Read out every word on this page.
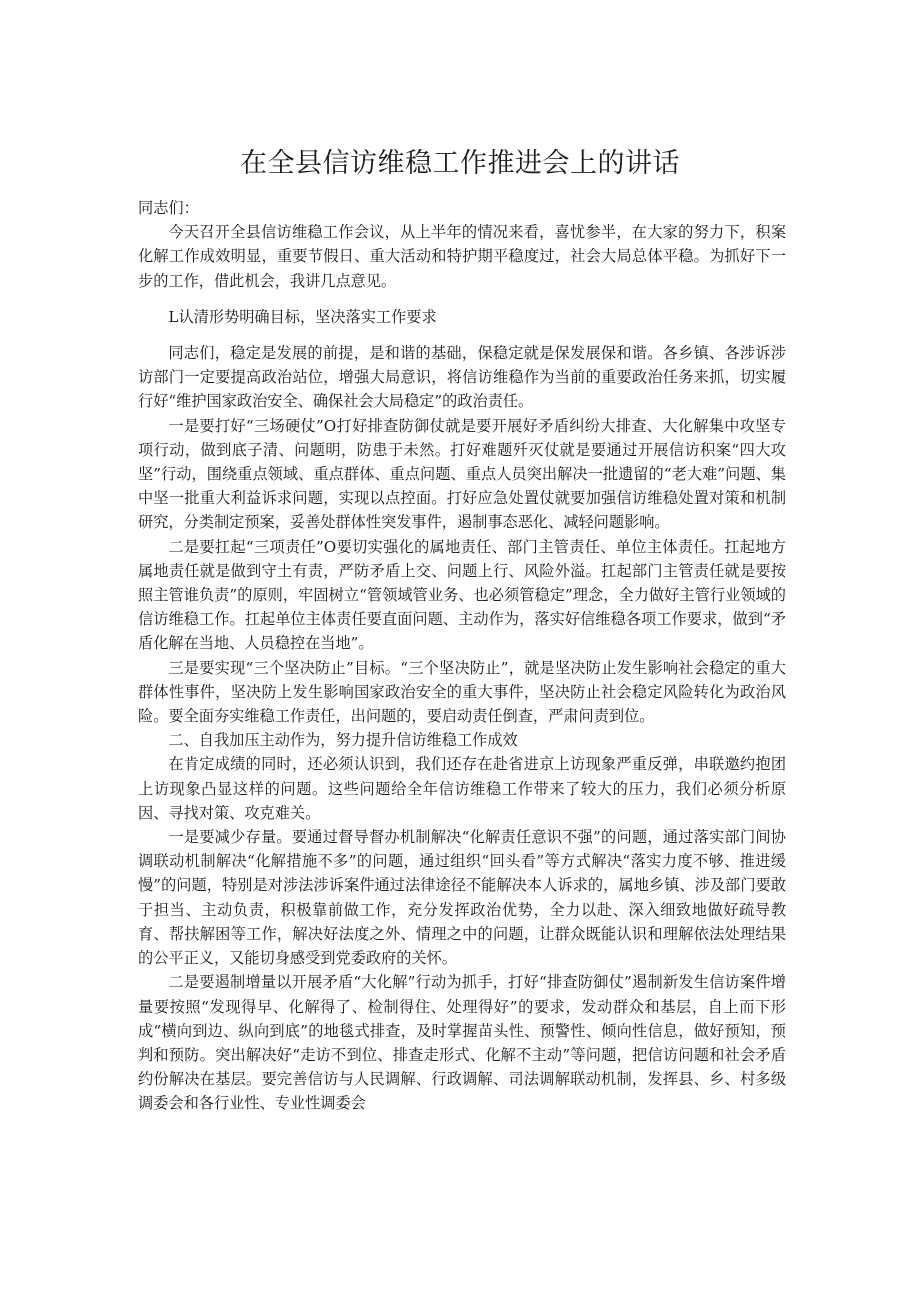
在全县信访维稳工作推进会上的讲话

同志们：

今天召开全县信访维稳工作会议，从上半年的情况来看，喜忧参半，在大家的努力下，积案化解工作成效明显，重要节假日、重大活动和特护期平稳度过，社会大局总体平稳。为抓好下一步的工作，借此机会，我讲几点意见。

L认清形势明确目标，坚决落实工作要求

同志们，稳定是发展的前提，是和谐的基础，保稳定就是保发展保和谐。各乡镇、各涉诉涉访部门一定要提高政治站位，增强大局意识，将信访维稳作为当前的重要政治任务来抓，切实履行好“维护国家政治安全、确保社会大局稳定”的政治责任。

一是要打好“三场硬仗”O打好排查防御仗就是要开展好矛盾纠纷大排查、大化解集中攻坚专项行动，做到底子清、问题明，防患于未然。打好难题歼灭仗就是要通过开展信访积案“四大攻坚”行动，围绕重点领域、重点群体、重点问题、重点人员突出解决一批遗留的“老大难”问题、集中坚一批重大利益诉求问题，实现以点控面。打好应急处置仗就要加强信访维稳处置对策和机制研究，分类制定预案，妥善处群体性突发事件，遏制事态恶化、减轻问题影响。

二是要扛起“三项责任”O要切实强化的属地责任、部门主管责任、单位主体责任。扛起地方属地责任就是做到守土有责，严防矛盾上交、问题上行、风险外溢。扛起部门主管责任就是要按照主管谁负责”的原则，牢固树立“管领域管业务、也必须管稳定”理念，全力做好主管行业领域的信访维稳工作。扛起单位主体责任要直面问题、主动作为，落实好信维稳各项工作要求，做到“矛盾化解在当地、人员稳控在当地”。

三是要实现“三个坚决防止”目标。“三个坚决防止”，就是坚决防止发生影响社会稳定的重大群体性事件，坚决防上发生影响国家政治安全的重大事件，坚决防止社会稳定风险转化为政治风险。要全面夯实维稳工作责任，出问题的，要启动责任倒查，严肃问责到位。

二、自我加压主动作为，努力提升信访维稳工作成效

在肯定成绩的同时，还必须认识到，我们还存在赴省进京上访现象严重反弹，串联邀约抱团上访现象凸显这样的问题。这些问题给全年信访维稳工作带来了较大的压力，我们必须分析原因、寻找对策、攻克难关。

一是要减少存量。要通过督导督办机制解决“化解责任意识不强”的问题，通过落实部门间协调联动机制解决“化解措施不多”的问题，通过组织“回头看”等方式解决“落实力度不够、推进缓慢”的问题，特别是对涉法涉诉案件通过法律途径不能解决本人诉求的，属地乡镇、涉及部门要敢于担当、主动负责，积极靠前做工作，充分发挥政治优势，全力以赴、深入细致地做好疏导教育、帮扶解困等工作，解决好法度之外、情理之中的问题，让群众既能认识和理解依法处理结果的公平正义，又能切身感受到党委政府的关怀。

二是要遏制增量以开展矛盾“大化解”行动为抓手，打好“排查防御仗”遏制新发生信访案件增量要按照“发现得早、化解得了、检制得住、处理得好”的要求，发动群众和基层，自上而下形成“横向到边、纵向到底”的地毯式排查，及时掌握苗头性、预警性、倾向性信息，做好预知，预判和预防。突出解决好“走访不到位、排查走形式、化解不主动”等问题，把信访问题和社会矛盾约份解决在基层。要完善信访与人民调解、行政调解、司法调解联动机制，发挥县、乡、村多级调委会和各行业性、专业性调委会
